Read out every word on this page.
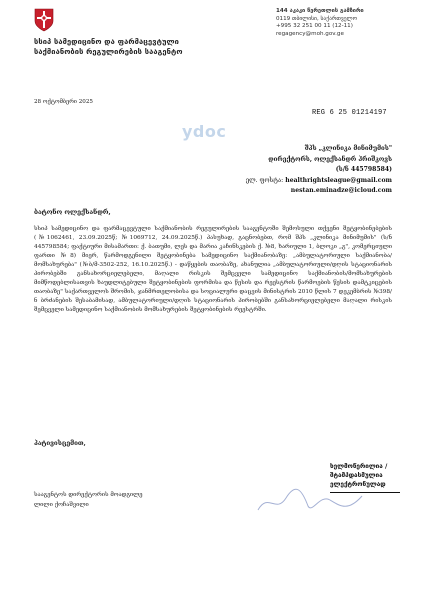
სსიპ სამედიცინო და ფარმაცევტული
საქმიანობის რეგულირების სააგენტო
144 აკაკი წერეთლის გამზირი
0119 თბილისი, საქართველო
+995 32 251 00 11 (12-11)
regagency@moh.gov.ge
28 ოქტომბერი 2025
REG 6 25 01214197
ydoc
შპს „კლინიკა მინიმუმის"
დირექტორს, ოლექსანდრ ჰრიშკოვს
(ს/ნ 445798584)
ელ. ფოსტა: healthrightsleague@gmail.com
nestan.eminadze@icloud.com
ბატონო ოლექსანდრ,
სსიპ სამედიცინო და ფარმაცევტული საქმიანობის რეგულირების სააგენტოში შემოსული თქვენი შეტყობინებების (№1062461, 23.09.2025წ; №1069712, 24.09.2025წ.) პასუხად, გაცნობებთ, რომ შპს „კლინიკა მინიმუმის" (ს/ნ 445798584; ფაქტიური მისამართი: ქ. ბათუმი, ლეს და მარია კაჩინსკების ქ. №8, ხარიული 1, ბლოკი „გ", კომერციული ფართი №8) მიერ, წარმოდგენილი შეტყობინება სამედიცინო საქმიანობაზე: „ამბულატორიული საქმიანობა/მომსახურება" (№ბ/მ-3502-252, 16.10.2025წ.) - დაწყების თაობაზე, ახანულია „ამბულატორიული/დღის სტაციონარის პირობებში განსახორციელებელი, მაღალი რისკის შემცველი სამედიცინო საქმიანობის/მომსახურების მიმწოდებლისათვის ხაუდლიტებული შეტყობინების ფორმისა და წესის და რეესტრის წარმოების წესის დამტკიცების თაობაზე" საქართველოს შრომის, ჯანმრთელობისა და სოციალური დაცვის მინისტრის 2010 წლის 7 დეკემბრის №398/ნ ბრძანების შესაბამისად, ამბულატორიული/დღის სტაციონარის პირობებში განსახორციელებელი მაღალი რისკის შემცველი სამედიცინო საქმიანობის მომსახურების შეტყობინების რეესტრში.
პატივისცემით,
ხელმოწერილია /
შტამპდასმულია
ელექტრონულად
სააგენტოს დირექტორის მოადგილე
ლილი ქოჩაშვილი
